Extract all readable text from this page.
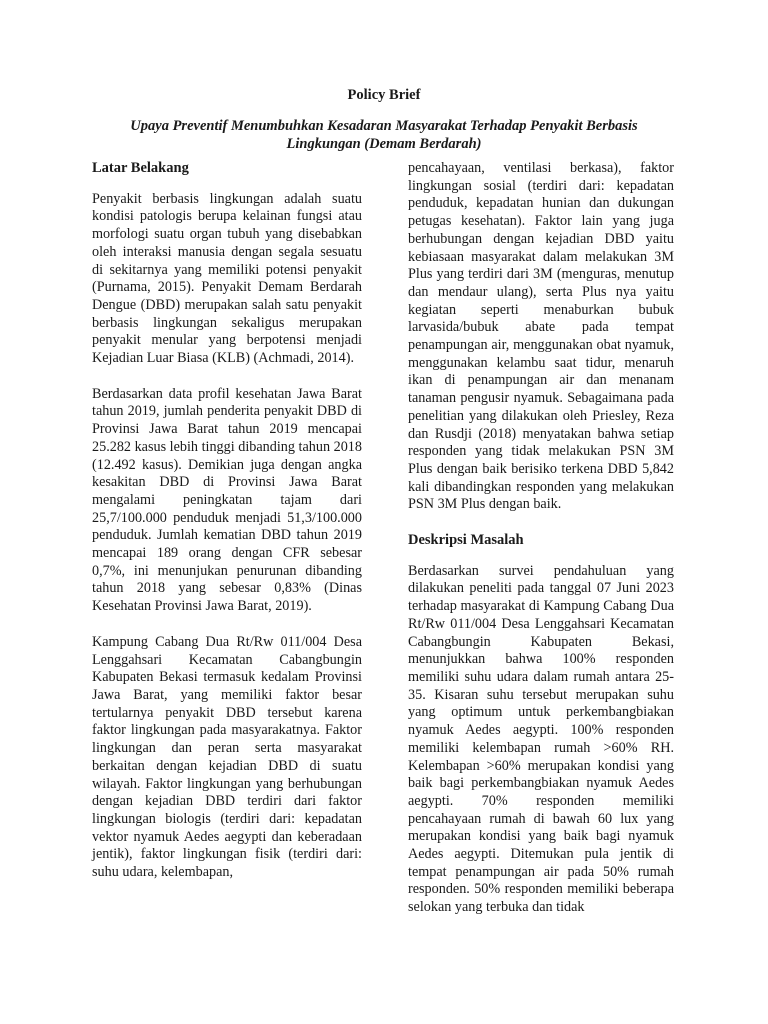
Policy Brief
Upaya Preventif Menumbuhkan Kesadaran Masyarakat Terhadap Penyakit Berbasis Lingkungan (Demam Berdarah)
Latar Belakang

Penyakit berbasis lingkungan adalah suatu kondisi patologis berupa kelainan fungsi atau morfologi suatu organ tubuh yang disebabkan oleh interaksi manusia dengan segala sesuatu di sekitarnya yang memiliki potensi penyakit (Purnama, 2015). Penyakit Demam Berdarah Dengue (DBD) merupakan salah satu penyakit berbasis lingkungan sekaligus merupakan penyakit menular yang berpotensi menjadi Kejadian Luar Biasa (KLB) (Achmadi, 2014).

Berdasarkan data profil kesehatan Jawa Barat tahun 2019, jumlah penderita penyakit DBD di Provinsi Jawa Barat tahun 2019 mencapai 25.282 kasus lebih tinggi dibanding tahun 2018 (12.492 kasus). Demikian juga dengan angka kesakitan DBD di Provinsi Jawa Barat mengalami peningkatan tajam dari 25,7/100.000 penduduk menjadi 51,3/100.000 penduduk. Jumlah kematian DBD tahun 2019 mencapai 189 orang dengan CFR sebesar 0,7%, ini menunjukan penurunan dibanding tahun 2018 yang sebesar 0,83% (Dinas Kesehatan Provinsi Jawa Barat, 2019).

Kampung Cabang Dua Rt/Rw 011/004 Desa Lenggahsari Kecamatan Cabangbungin Kabupaten Bekasi termasuk kedalam Provinsi Jawa Barat, yang memiliki faktor besar tertularnya penyakit DBD tersebut karena faktor lingkungan pada masyarakatnya. Faktor lingkungan dan peran serta masyarakat berkaitan dengan kejadian DBD di suatu wilayah. Faktor lingkungan yang berhubungan dengan kejadian DBD terdiri dari faktor lingkungan biologis (terdiri dari: kepadatan vektor nyamuk Aedes aegypti dan keberadaan jentik), faktor lingkungan fisik (terdiri dari: suhu udara, kelembapan,

pencahayaan, ventilasi berkasa), faktor lingkungan sosial (terdiri dari: kepadatan penduduk, kepadatan hunian dan dukungan petugas kesehatan). Faktor lain yang juga berhubungan dengan kejadian DBD yaitu kebiasaan masyarakat dalam melakukan 3M Plus yang terdiri dari 3M (menguras, menutup dan mendaur ulang), serta Plus nya yaitu kegiatan seperti menaburkan bubuk larvasida/bubuk abate pada tempat penampungan air, menggunakan obat nyamuk, menggunakan kelambu saat tidur, menaruh ikan di penampungan air dan menanam tanaman pengusir nyamuk. Sebagaimana pada penelitian yang dilakukan oleh Priesley, Reza dan Rusdji (2018) menyatakan bahwa setiap responden yang tidak melakukan PSN 3M Plus dengan baik berisiko terkena DBD 5,842 kali dibandingkan responden yang melakukan PSN 3M Plus dengan baik.

Deskripsi Masalah

Berdasarkan survei pendahuluan yang dilakukan peneliti pada tanggal 07 Juni 2023 terhadap masyarakat di Kampung Cabang Dua Rt/Rw 011/004 Desa Lenggahsari Kecamatan Cabangbungin Kabupaten Bekasi, menunjukkan bahwa 100% responden memiliki suhu udara dalam rumah antara 25-35. Kisaran suhu tersebut merupakan suhu yang optimum untuk perkembangbiakan nyamuk Aedes aegypti. 100% responden memiliki kelembapan rumah >60% RH. Kelembapan >60% merupakan kondisi yang baik bagi perkembangbiakan nyamuk Aedes aegypti. 70% responden memiliki pencahayaan rumah di bawah 60 lux yang merupakan kondisi yang baik bagi nyamuk Aedes aegypti. Ditemukan pula jentik di tempat penampungan air pada 50% rumah responden. 50% responden memiliki beberapa selokan yang terbuka dan tidak
